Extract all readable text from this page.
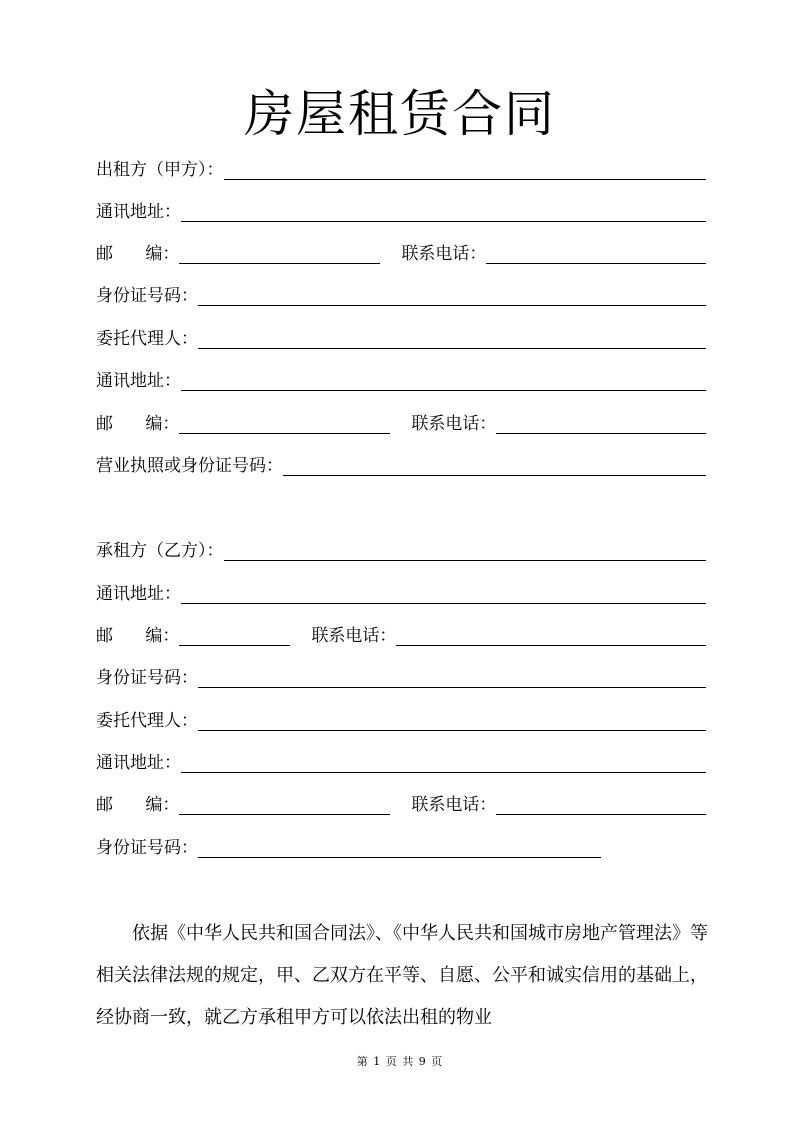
房屋租赁合同
出租方（甲方）：
通讯地址：
邮      编：	联系电话：
身份证号码：
委托代理人：
通讯地址：
邮      编：	联系电话：
营业执照或身份证号码：
承租方（乙方）：
通讯地址：
邮      编：	联系电话：
身份证号码：
委托代理人：
通讯地址：
邮      编：	联系电话：
身份证号码：

依据《中华人民共和国合同法》、《中华人民共和国城市房地产管理法》等相关法律法规的规定，甲、乙双方在平等、自愿、公平和诚实信用的基础上，经协商一致，就乙方承租甲方可以依法出租的物业

第 1 页 共 9 页
